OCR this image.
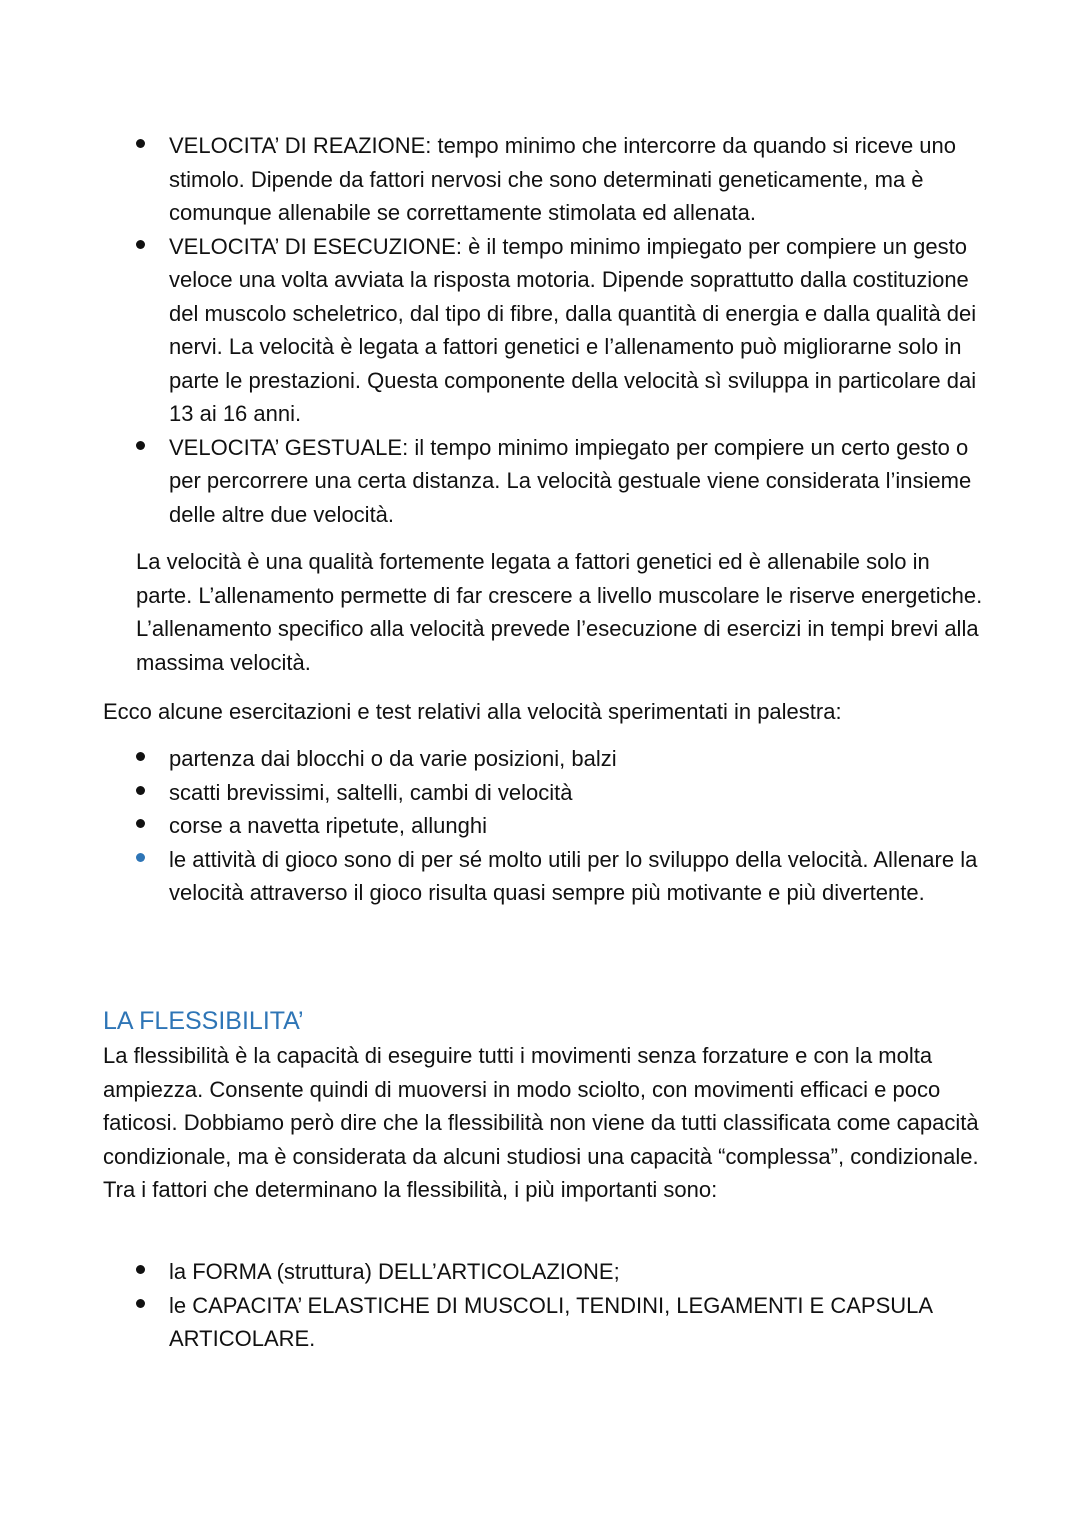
VELOCITA’ DI REAZIONE: tempo minimo che intercorre da quando si riceve uno stimolo. Dipende da fattori nervosi che sono determinati geneticamente, ma è comunque allenabile se correttamente stimolata ed allenata.
VELOCITA’ DI ESECUZIONE: è il tempo minimo impiegato per compiere un gesto veloce una volta avviata la risposta motoria. Dipende soprattutto dalla costituzione del muscolo scheletrico, dal tipo di fibre, dalla quantità di energia e dalla qualità dei nervi. La velocità è legata a fattori genetici e l’allenamento può migliorarne solo in parte le prestazioni. Questa componente della velocità sì sviluppa in particolare dai 13 ai 16 anni.
VELOCITA’ GESTUALE: il tempo minimo impiegato per compiere un certo gesto o per percorrere una certa distanza. La velocità gestuale viene considerata l’insieme delle altre due velocità.

La velocità è una qualità fortemente legata a fattori genetici ed è allenabile solo in parte. L’allenamento permette di far crescere a livello muscolare le riserve energetiche. L’allenamento specifico alla velocità prevede l’esecuzione di esercizi in tempi brevi alla massima velocità.

Ecco alcune esercitazioni e test relativi alla velocità sperimentati in palestra:

partenza dai blocchi o da varie posizioni, balzi
scatti brevissimi, saltelli, cambi di velocità
corse a navetta ripetute, allunghi
le attività di gioco sono di per sé molto utili per lo sviluppo della velocità. Allenare la velocità attraverso il gioco risulta quasi sempre più motivante e più divertente.
LA FLESSIBILITA’

La flessibilità è la capacità di eseguire tutti i movimenti senza forzature e con la molta ampiezza. Consente quindi di muoversi in modo sciolto, con movimenti efficaci e poco faticosi. Dobbiamo però dire che la flessibilità non viene da tutti classificata come capacità condizionale, ma è considerata da alcuni studiosi una capacità “complessa”, condizionale. Tra i fattori che determinano la flessibilità, i più importanti sono:

la FORMA (struttura) DELL’ARTICOLAZIONE;
le CAPACITA’ ELASTICHE DI MUSCOLI, TENDINI, LEGAMENTI E CAPSULA ARTICOLARE.
